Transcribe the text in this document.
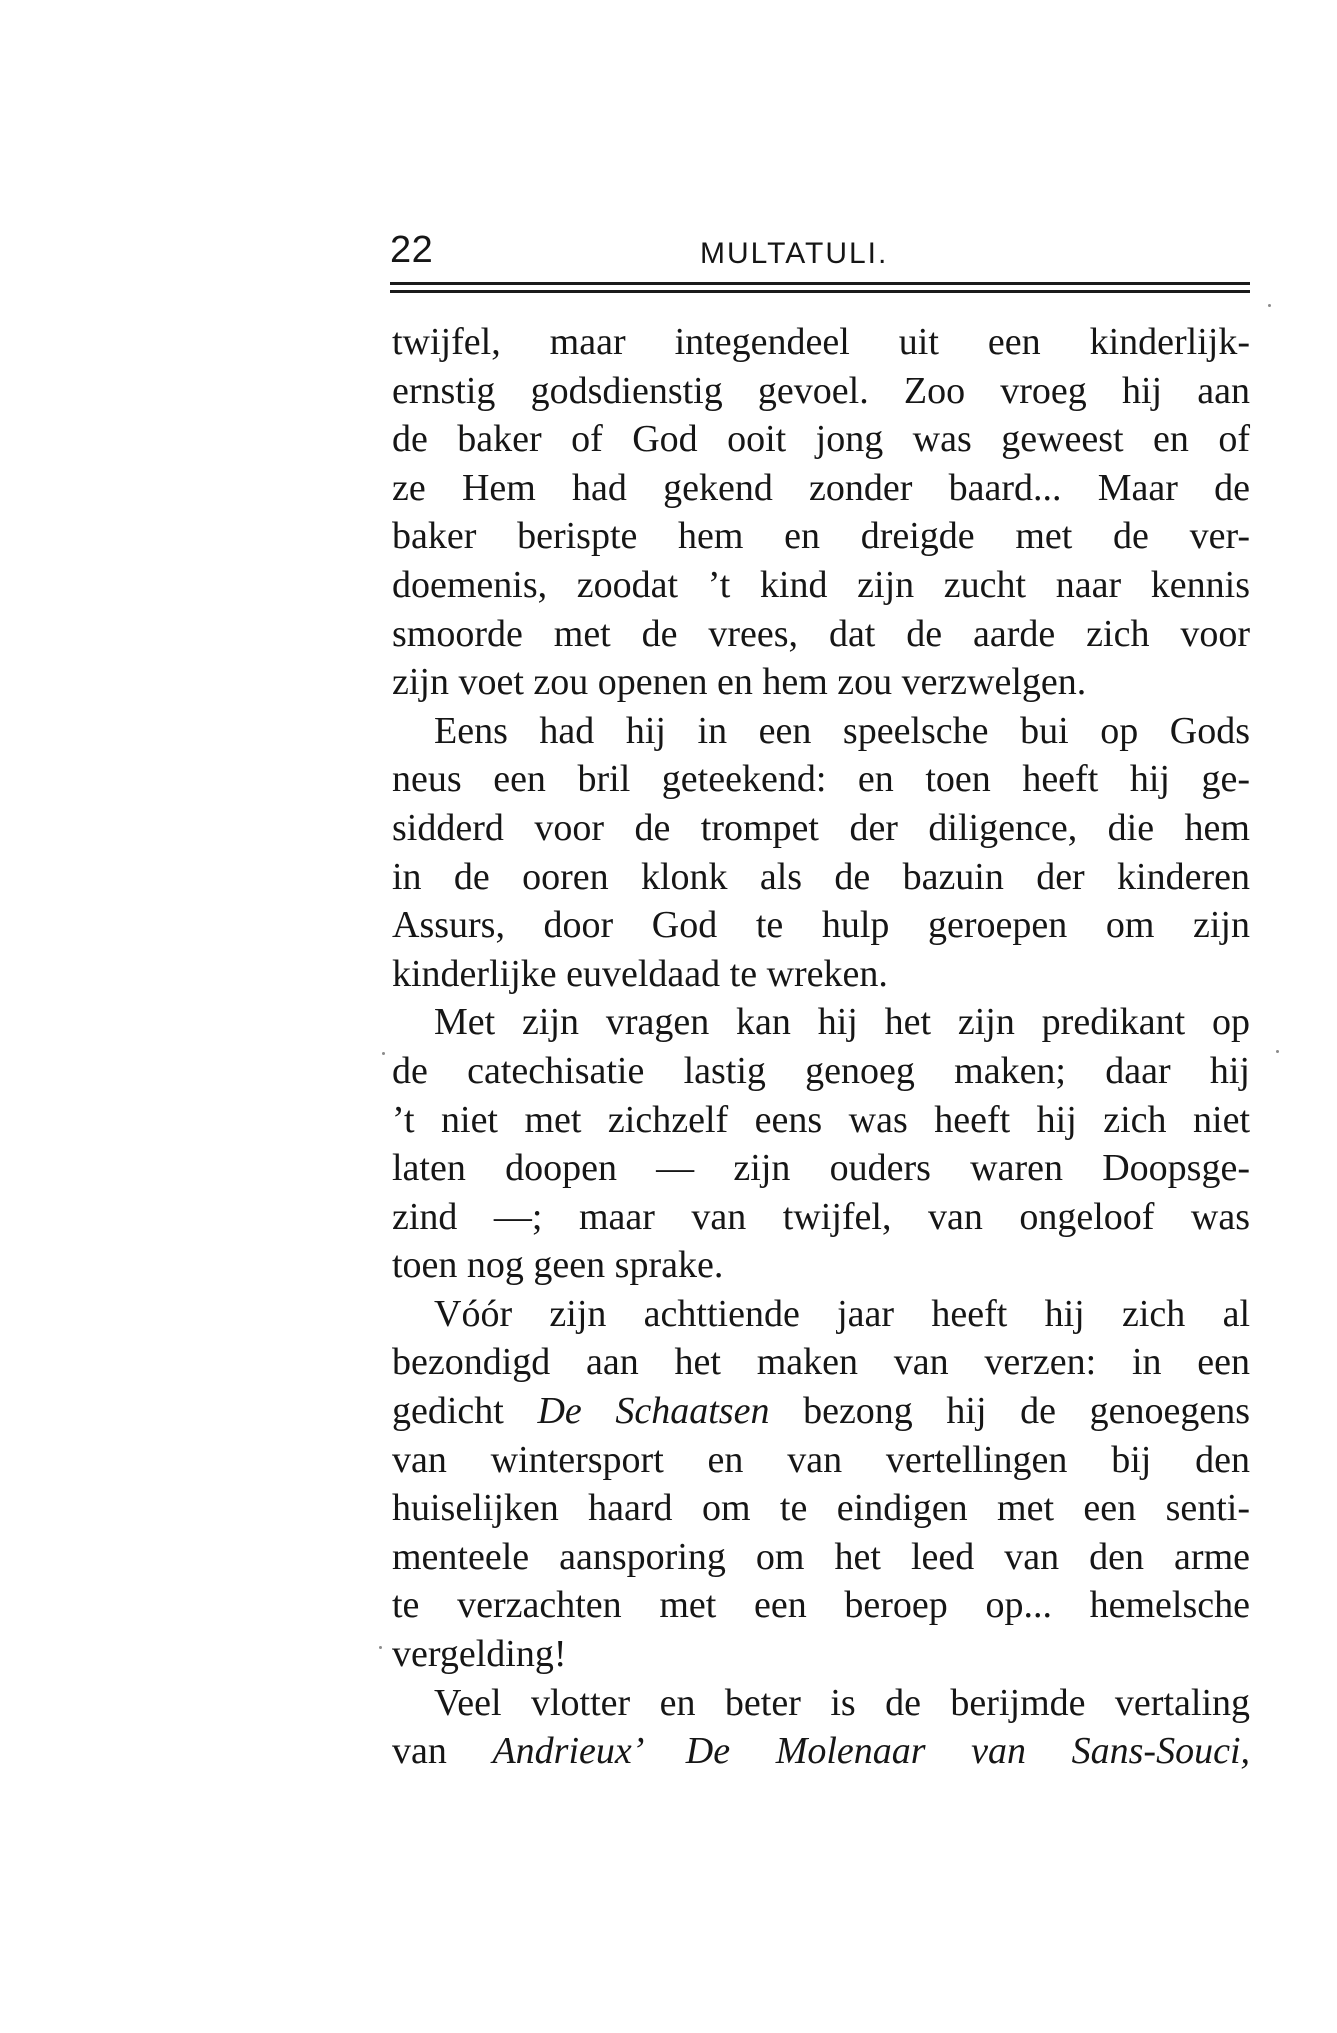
22	MULTATULI.
twijfel, maar integendeel uit een kinderlijk-
ernstig godsdienstig gevoel. Zoo vroeg hij aan
de baker of God ooit jong was geweest en of
ze Hem had gekend zonder baard... Maar de
baker berispte hem en dreigde met de ver-
doemenis, zoodat ’t kind zijn zucht naar kennis
smoorde met de vrees, dat de aarde zich voor
zijn voet zou openen en hem zou verzwelgen.
Eens had hij in een speelsche bui op Gods
neus een bril geteekend: en toen heeft hij ge-
sidderd voor de trompet der diligence, die hem
in de ooren klonk als de bazuin der kinderen
Assurs, door God te hulp geroepen om zijn
kinderlijke euveldaad te wreken.
Met zijn vragen kan hij het zijn predikant op
de catechisatie lastig genoeg maken; daar hij
’t niet met zichzelf eens was heeft hij zich niet
laten doopen — zijn ouders waren Doopsge-
zind —; maar van twijfel, van ongeloof was
toen nog geen sprake.
Vóór zijn achttiende jaar heeft hij zich al
bezondigd aan het maken van verzen: in een
gedicht De Schaatsen bezong hij de genoegens
van wintersport en van vertellingen bij den
huiselijken haard om te eindigen met een senti-
menteele aansporing om het leed van den arme
te verzachten met een beroep op... hemelsche
vergelding!
Veel vlotter en beter is de berijmde vertaling
van Andrieux’ De Molenaar van Sans-Souci,
